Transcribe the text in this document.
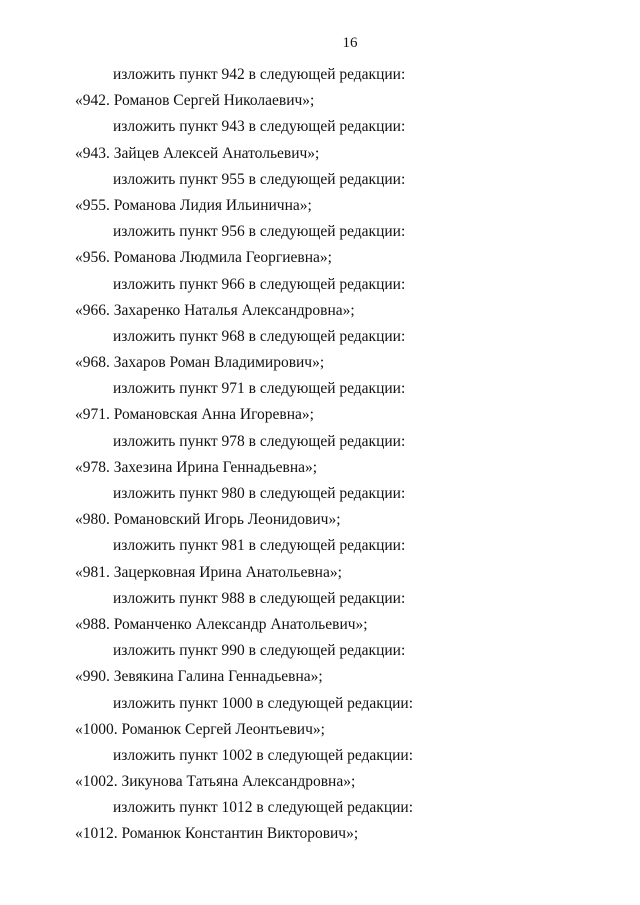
16
изложить пункт 942 в следующей редакции:
«942. Романов Сергей Николаевич»;
изложить пункт 943 в следующей редакции:
«943. Зайцев Алексей Анатольевич»;
изложить пункт 955 в следующей редакции:
«955. Романова Лидия Ильинична»;
изложить пункт 956 в следующей редакции:
«956. Романова Людмила Георгиевна»;
изложить пункт 966 в следующей редакции:
«966. Захаренко Наталья Александровна»;
изложить пункт 968 в следующей редакции:
«968. Захаров Роман Владимирович»;
изложить пункт 971 в следующей редакции:
«971. Романовская Анна Игоревна»;
изложить пункт 978 в следующей редакции:
«978. Захезина Ирина Геннадьевна»;
изложить пункт 980 в следующей редакции:
«980. Романовский Игорь Леонидович»;
изложить пункт 981 в следующей редакции:
«981. Зацерковная Ирина Анатольевна»;
изложить пункт 988 в следующей редакции:
«988. Романченко Александр Анатольевич»;
изложить пункт 990 в следующей редакции:
«990. Зевякина Галина Геннадьевна»;
изложить пункт 1000 в следующей редакции:
«1000. Романюк Сергей Леонтьевич»;
изложить пункт 1002 в следующей редакции:
«1002. Зикунова Татьяна Александровна»;
изложить пункт 1012 в следующей редакции:
«1012. Романюк Константин Викторович»;
